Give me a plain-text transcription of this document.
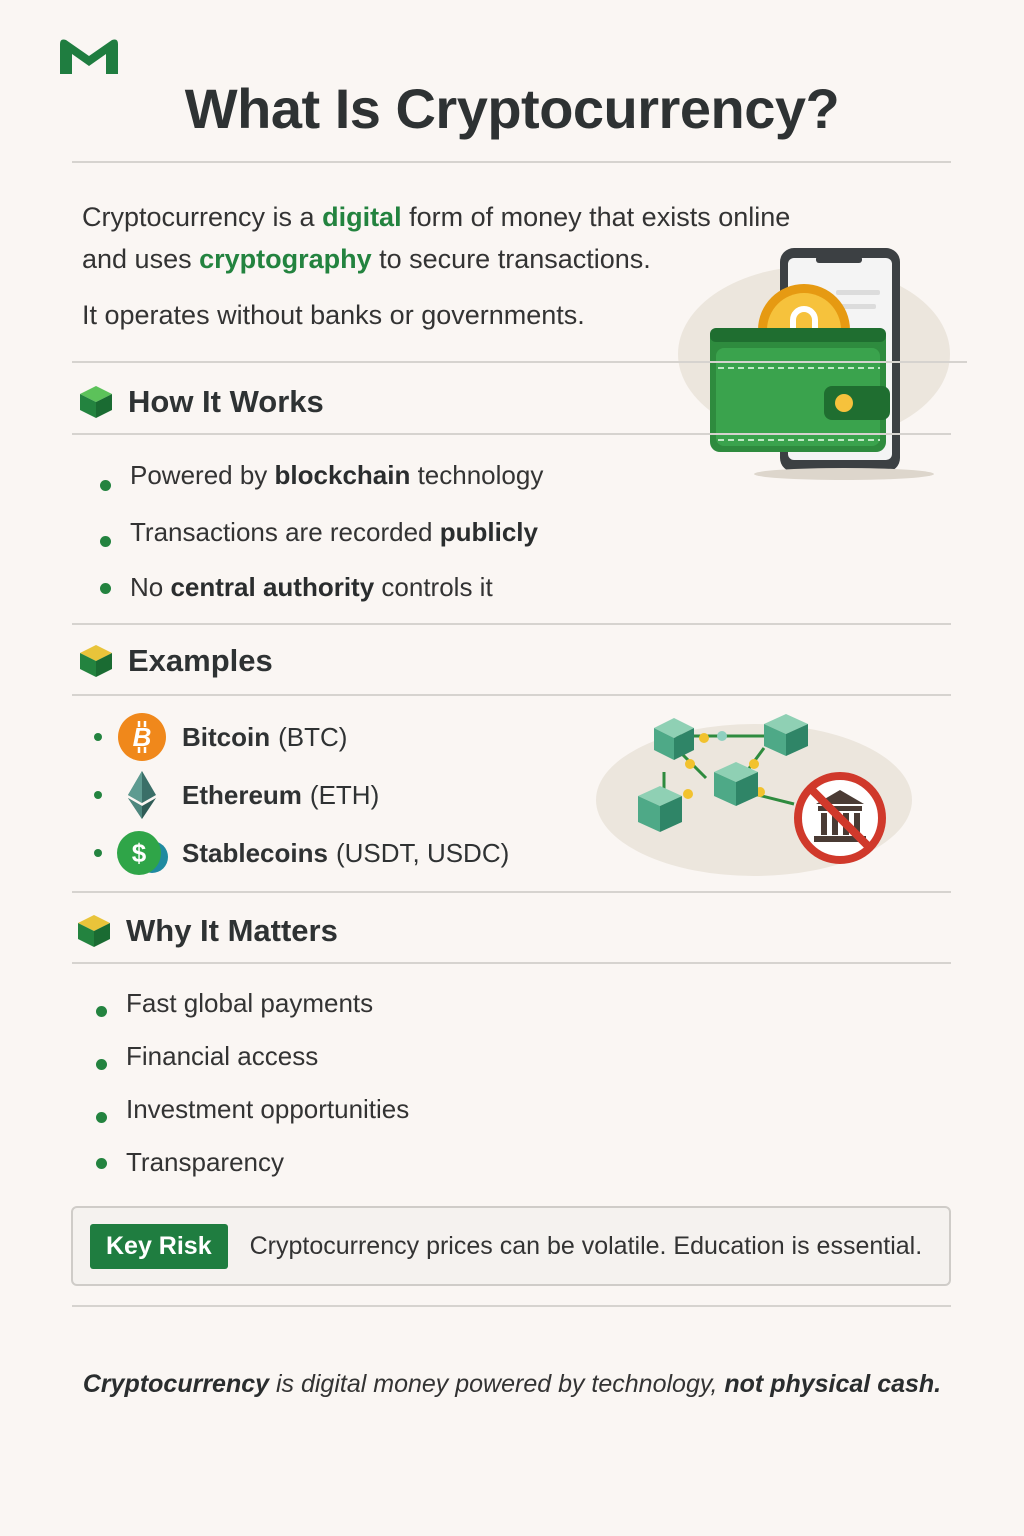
What Is Cryptocurrency?

Cryptocurrency is a digital form of money that exists online

and uses cryptography to secure transactions.

It operates without banks or governments.

How It Works
Powered by blockchain technology
Transactions are recorded publicly
No central authority controls it
Examples
B Bitcoin (BTC)
Ethereum (ETH)
$ Stablecoins (USDT, USDC)
Why It Matters
Fast global payments
Financial access
Investment opportunities
Transparency
Key Risk	Cryptocurrency prices can be volatile. Education is essential.
Cryptocurrency is digital money powered by technology, not physical cash.
